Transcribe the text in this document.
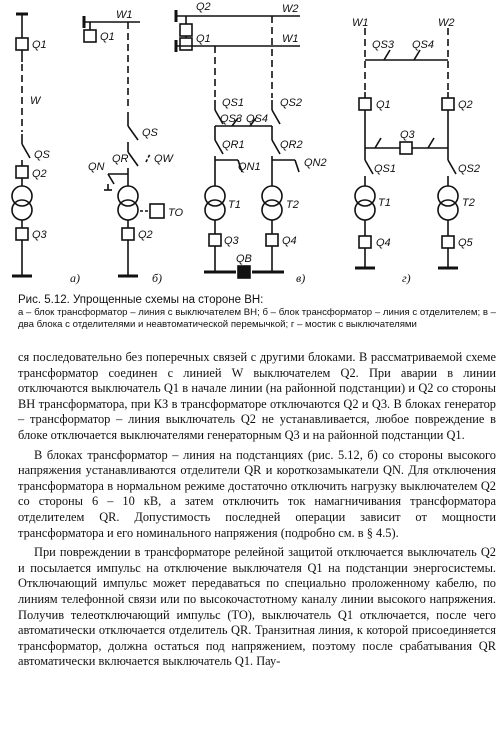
Q1
W
QS
Q2
Q3
a)
W1
Q1
QS
QR
QN
QW
TO
Q2
б)
Q2	W2
Q1	W1
QS1	QS2
QS3 QS4
QR1	QR2
QN1	QN2
T1	T2
Q3	Q4
QB
в)
W1	W2
QS3 QS4
Q1	Q2
Q3
QS1	QS2
T1	T2
Q4	Q5
г)

Рис. 5.12. Упрощенные схемы на стороне ВН:

а – блок трансформатор – линия с выключателем ВН; б – блок трансформатор – линия с отделителем; в – два блока с отделителями и неавтоматической перемычкой; г – мостик с выключателями

ся последовательно без поперечных связей с другими блоками. В рассматриваемой схеме трансформатор соединен с линией W выключателем Q2. При аварии в линии отключаются выключатель Q1 в начале линии (на районной подстанции) и Q2 со стороны ВН трансформатора, при КЗ в трансформаторе отключаются Q2 и Q3. В блоках генератор – трансформатор – линия выключатель Q2 не устанавливается, любое повреждение в блоке отключается выключателями генераторным Q3 и на районной подстанции Q1.

В блоках трансформатор – линия на подстанциях (рис. 5.12, б) со стороны высокого напряжения устанавливаются отделители QR и короткозамыкатели QN. Для отключения трансформатора в нормальном режиме достаточно отключить нагрузку выключателем Q2 со стороны 6 – 10 кВ, а затем отключить ток намагничивания трансформатора отделителем QR. Допустимость последней операции зависит от мощности трансформатора и его номинального напряжения (подробно см. в § 4.5).

При повреждении в трансформаторе релейной защитой отключается выключатель Q2 и посылается импульс на отключение выключателя Q1 на подстанции энергосистемы. Отключающий импульс может передаваться по специально проложенному кабелю, по линиям телефонной связи или по высокочастотному каналу линии высокого напряжения. Получив телеотключающий импульс (TO), выключатель Q1 отключается, после чего автоматически отключается отделитель QR. Транзитная линия, к которой присоединяется трансформатор, должна остаться под напряжением, поэтому после срабатывания QR автоматически включается выключатель Q1. Пау-
